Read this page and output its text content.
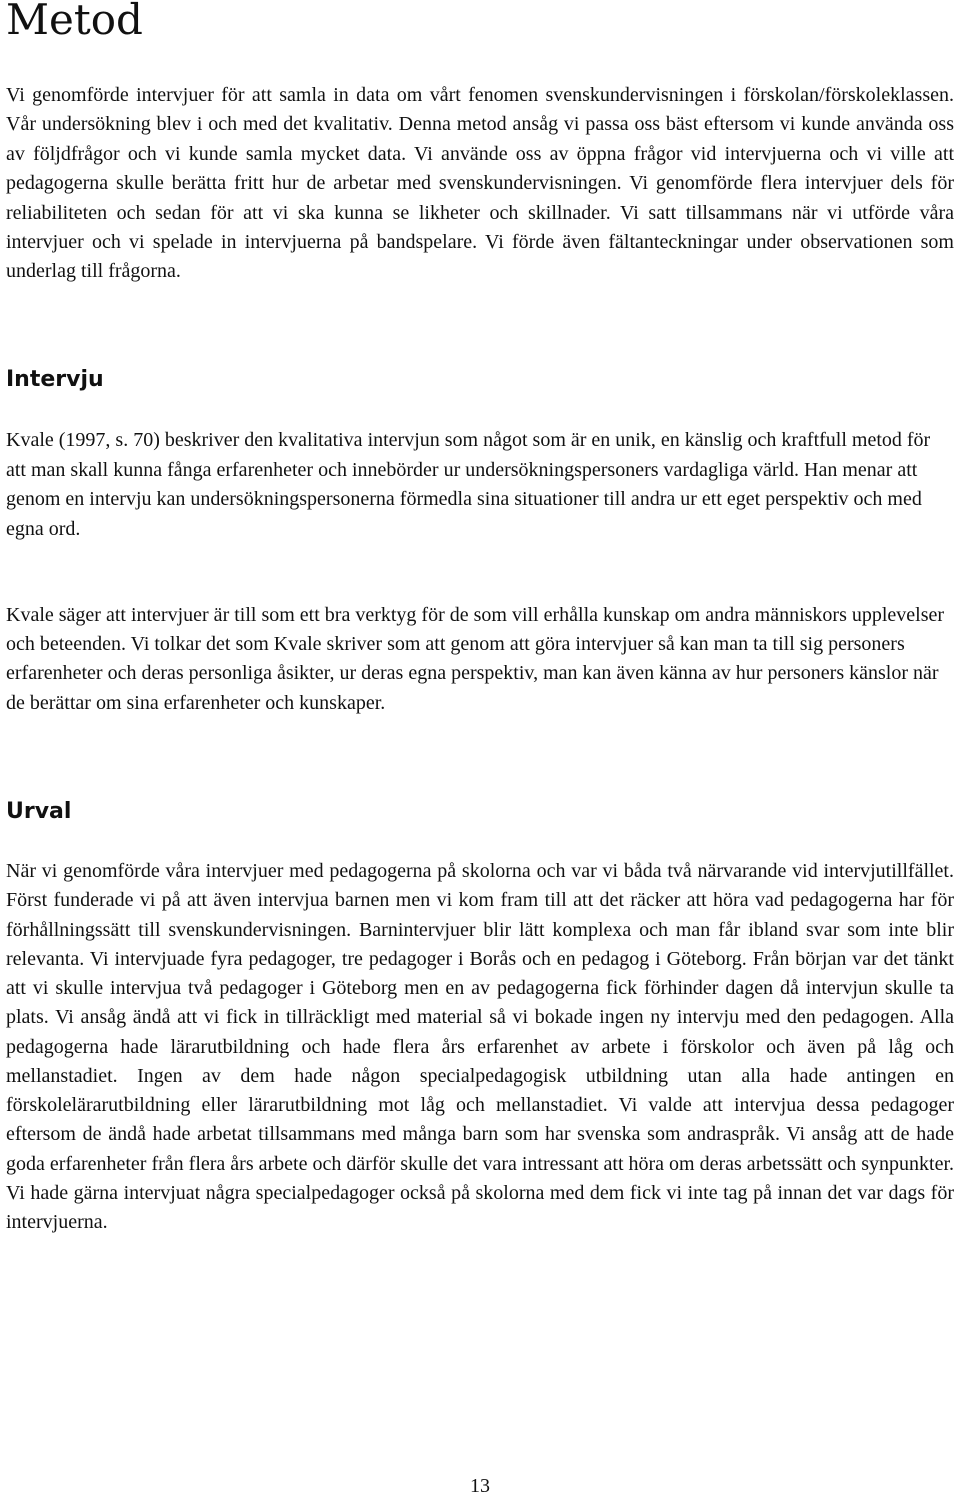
Metod

Vi genomförde intervjuer för att samla in data om vårt fenomen svenskundervisningen i förskolan/förskoleklassen. Vår undersökning blev i och med det kvalitativ. Denna metod ansåg vi passa oss bäst eftersom vi kunde använda oss av följdfrågor och vi kunde samla mycket data. Vi använde oss av öppna frågor vid intervjuerna och vi ville att pedagogerna skulle berätta fritt hur de arbetar med svenskundervisningen. Vi genomförde flera intervjuer dels för reliabiliteten och sedan för att vi ska kunna se likheter och skillnader. Vi satt tillsammans när vi utförde våra intervjuer och vi spelade in intervjuerna på bandspelare. Vi förde även fältanteckningar under observationen som underlag till frågorna.

Intervju

Kvale (1997, s. 70) beskriver den kvalitativa intervjun som något som är en unik, en känslig och kraftfull metod för att man skall kunna fånga erfarenheter och innebörder ur undersökningspersoners vardagliga värld. Han menar att genom en intervju kan undersökningspersonerna förmedla sina situationer till andra ur ett eget perspektiv och med egna ord.

Kvale säger att intervjuer är till som ett bra verktyg för de som vill erhålla kunskap om andra människors upplevelser och beteenden. Vi tolkar det som Kvale skriver som att genom att göra intervjuer så kan man ta till sig personers erfarenheter och deras personliga åsikter, ur deras egna perspektiv, man kan även känna av hur personers känslor när de berättar om sina erfarenheter och kunskaper.

Urval

När vi genomförde våra intervjuer med pedagogerna på skolorna och var vi båda två närvarande vid intervjutillfället. Först funderade vi på att även intervjua barnen men vi kom fram till att det räcker att höra vad pedagogerna har för förhållningssätt till svenskundervisningen. Barnintervjuer blir lätt komplexa och man får ibland svar som inte blir relevanta. Vi intervjuade fyra pedagoger, tre pedagoger i Borås och en pedagog i Göteborg. Från början var det tänkt att vi skulle intervjua två pedagoger i Göteborg men en av pedagogerna fick förhinder dagen då intervjun skulle ta plats. Vi ansåg ändå att vi fick in tillräckligt med material så vi bokade ingen ny intervju med den pedagogen. Alla pedagogerna hade lärarutbildning och hade flera års erfarenhet av arbete i förskolor och även på låg och mellanstadiet. Ingen av dem hade någon specialpedagogisk utbildning utan alla hade antingen en förskolelärarutbildning eller lärarutbildning mot låg och mellanstadiet. Vi valde att intervjua dessa pedagoger eftersom de ändå hade arbetat tillsammans med många barn som har svenska som andraspråk. Vi ansåg att de hade goda erfarenheter från flera års arbete och därför skulle det vara intressant att höra om deras arbetssätt och synpunkter. Vi hade gärna intervjuat några specialpedagoger också på skolorna med dem fick vi inte tag på innan det var dags för intervjuerna.

13
